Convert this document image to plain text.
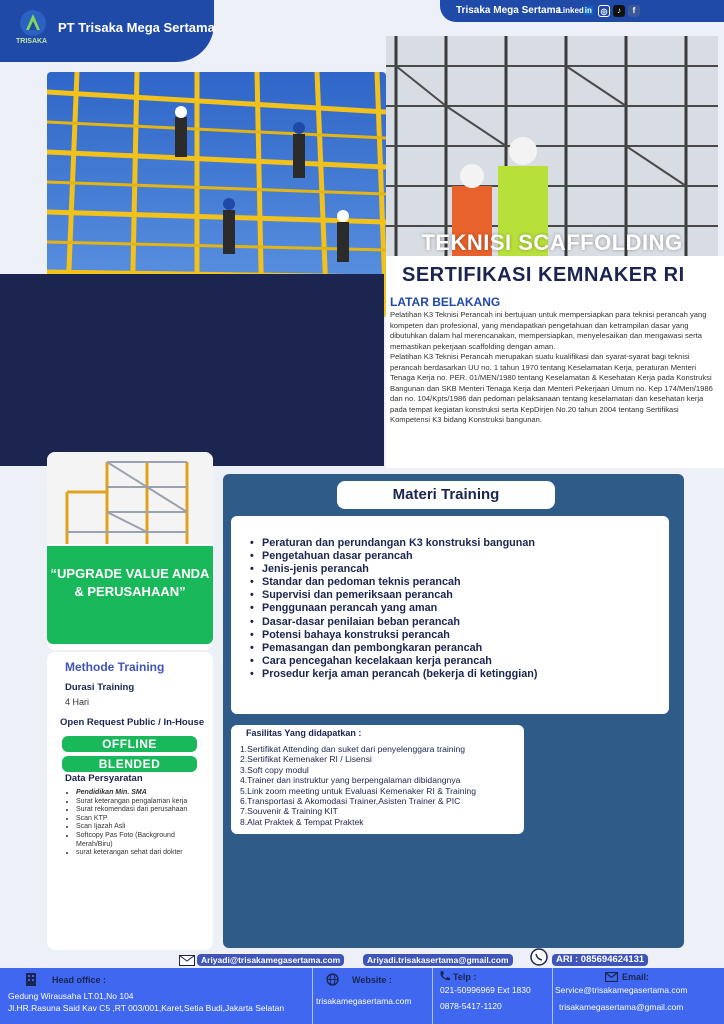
TRISAKA
PT Trisaka Mega Sertama
Trisaka Mega Sertama
Linkedin	◎	♪	f
TEKNISI SCAFFOLDING
SERTIFIKASI KEMNAKER RI
LATAR BELAKANG

Pelatihan K3 Teknisi Perancah ini bertujuan untuk mempersiapkan para teknisi perancah yang kompeten dan profesional, yang mendapatkan pengetahuan dan ketrampilan dasar yang dibutuhkan dalam hal merencanakan, mempersiapkan, menyelesaikan dan mengawasi serta memastikan pekerjaan scaffolding dengan aman.

Pelatihan K3 Teknisi Perancah merupakan suatu kualifikasi dan syarat-syarat bagi teknisi perancah berdasarkan UU no. 1 tahun 1970 tentang Keselamatan Kerja, peraturan Menteri Tenaga Kerja no. PER. 01/MEN/1980 tentang Keselamatan & Kesehatan Kerja pada Konstruksi Bangunan dan SKB Menteri Tenaga Kerja dan Menteri Pekerjaan Umum no. Kep 174/Men/1986 dan no. 104/Kpts/1986 dan pedoman pelaksanaan tentang keselamatan dan kesehatan kerja pada tempat kegiatan konstruksi serta KepDirjen No.20 tahun 2004 tentang Sertifikasi Kompetensi K3 bidang Konstruksi bangunan.

“UPGRADE VALUE ANDA & PERUSAHAAN”
Methode Training
Durasi Training
4 Hari
Open Request Public / In-House
OFFLINE
BLENDED
Data Persyaratan
• Pendidikan Min. SMA
• Surat keterangan pengalaman kerja
• Surat rekomendasi dari perusahaan
• Scan KTP
• Scan Ijazah Asli
• Softcopy Pas Foto (Background Merah/Biru)
• surat keterangan sehat dari dokter
Materi Training
• Peraturan dan perundangan K3 konstruksi bangunan
• Pengetahuan dasar perancah
• Jenis-jenis perancah
• Standar dan pedoman teknis perancah
• Supervisi dan pemeriksaan perancah
• Penggunaan perancah yang aman
• Dasar-dasar penilaian beban perancah
• Potensi bahaya konstruksi perancah
• Pemasangan dan pembongkaran perancah
• Cara pencegahan kecelakaan kerja perancah
• Prosedur kerja aman perancah (bekerja di ketinggian)
Fasilitas Yang didapatkan :
1.Sertifikat Attending dan suket dari penyelenggara training
2.Sertifikat Kemenaker RI / Lisensi
3.Soft copy modul
4.Trainer dan instruktur yang berpengalaman dibidangnya
5.Link zoom meeting untuk Evaluasi Kemenaker RI & Training
6.Transportasi & Akomodasi Trainer,Asisten Trainer & PIC
7.Souvenir & Training KIT
8.Alat Praktek & Tempat Praktek
Ariyadi@trisakamegasertama.com	Ariyadi.trisakasertama@gmail.com	ARI : 085694624131
Head office :
Gedung Wirausaha LT.01,No 104
Jl.HR.Rasuna Said Kav C5 ,RT 003/001,Karet,Setia Budi,Jakarta Selatan
Website :
trisakamegasertama.com
Telp :
021-50996969 Ext 1830
0878-5417-1120
Email:
Service@trisakamegasertama.com
trisakamegasertama@gmail.com
